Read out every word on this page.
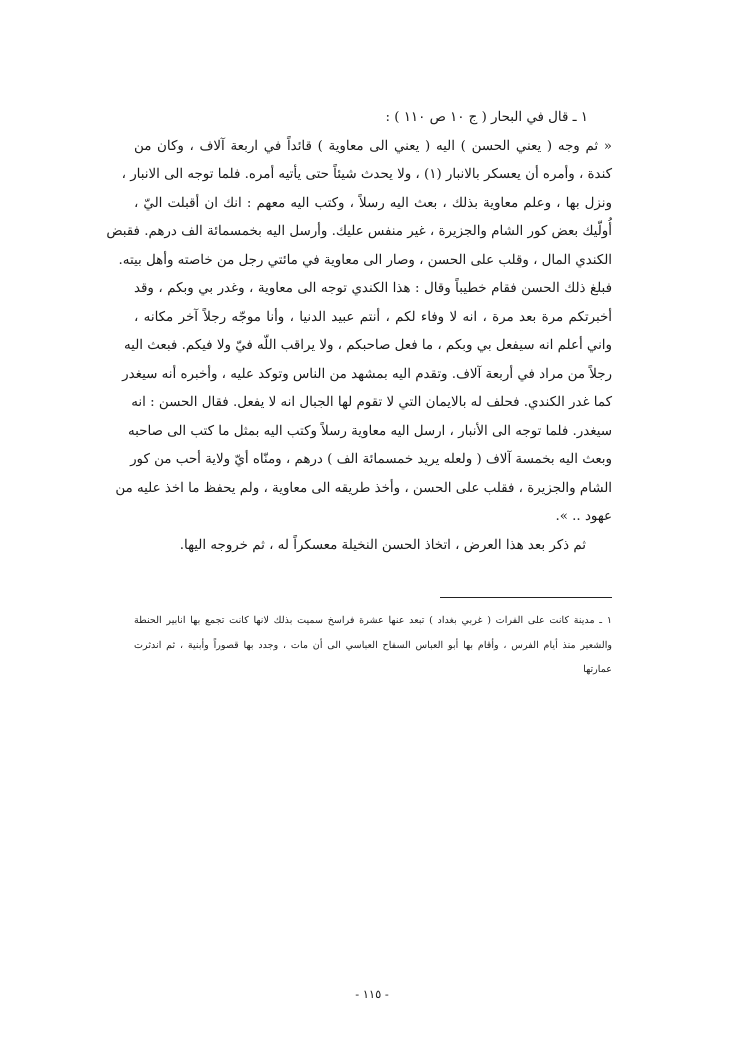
١ ـ قال في البحار ( ج ١٠ ص ١١٠ ) :
« ثم وجه ( يعني الحسن ) اليه ( يعني الى معاوية ) قائداً في اربعة آلاف ، وكان من
كندة ، وأمره أن يعسكر بالانبار (١) ، ولا يحدث شيئاً حتى يأتيه أمره. فلما توجه الى الانبار ،
ونزل بها ، وعلم معاوية بذلك ، بعث اليه رسلاً ، وكتب اليه معهم : انك ان أقبلت اليّ ،
أُولّيك بعض كور الشام والجزيرة ، غير منفس عليك. وأرسل اليه بخمسمائة الف درهم. فقبض
الكندي المال ، وقلب على الحسن ، وصار الى معاوية في مائتي رجل من خاصته وأهل بيته.
فبلغ ذلك الحسن فقام خطيباً وقال : هذا الكندي توجه الى معاوية ، وغدر بي وبكم ، وقد
أخبرتكم مرة بعد مرة ، انه لا وفاء لكم ، أنتم عبيد الدنيا ، وأنا موجّه رجلاً آخر مكانه ،
واني أعلم انه سيفعل بي وبكم ، ما فعل صاحبكم ، ولا يراقب اللّه فيّ ولا فيكم. فبعث اليه
رجلاً من مراد في أربعة آلاف. وتقدم اليه بمشهد من الناس وتوكد عليه ، وأخبره أنه سيغدر
كما غدر الكندي. فحلف له بالايمان التي لا تقوم لها الجبال انه لا يفعل. فقال الحسن : انه
سيغدر. فلما توجه الى الأنبار ، ارسل اليه معاوية رسلاً وكتب اليه بمثل ما كتب الى صاحبه
وبعث اليه بخمسة آلاف ( ولعله يريد خمسمائة الف ) درهم ، ومنّاه أيّ ولاية أحب من كور
الشام والجزيرة ، فقلب على الحسن ، وأخذ طريقه الى معاوية ، ولم يحفظ ما اخذ عليه من
عهود .. ».
ثم ذكر بعد هذا العرض ، اتخاذ الحسن النخيلة معسكراً له ، ثم خروجه اليها.
١ ـ مدينة كانت على الفرات ( غربي بغداد ) تبعد عنها عشرة فراسخ سميت بذلك لانها كانت تجمع بها انابير الحنطة
والشعير منذ أيام الفرس ، وأقام بها أبو العباس السفاح العباسي الى أن مات ، وجدد بها قصوراً وأبنية ، ثم اندثرت
عمارتها
- ١١٥ -
